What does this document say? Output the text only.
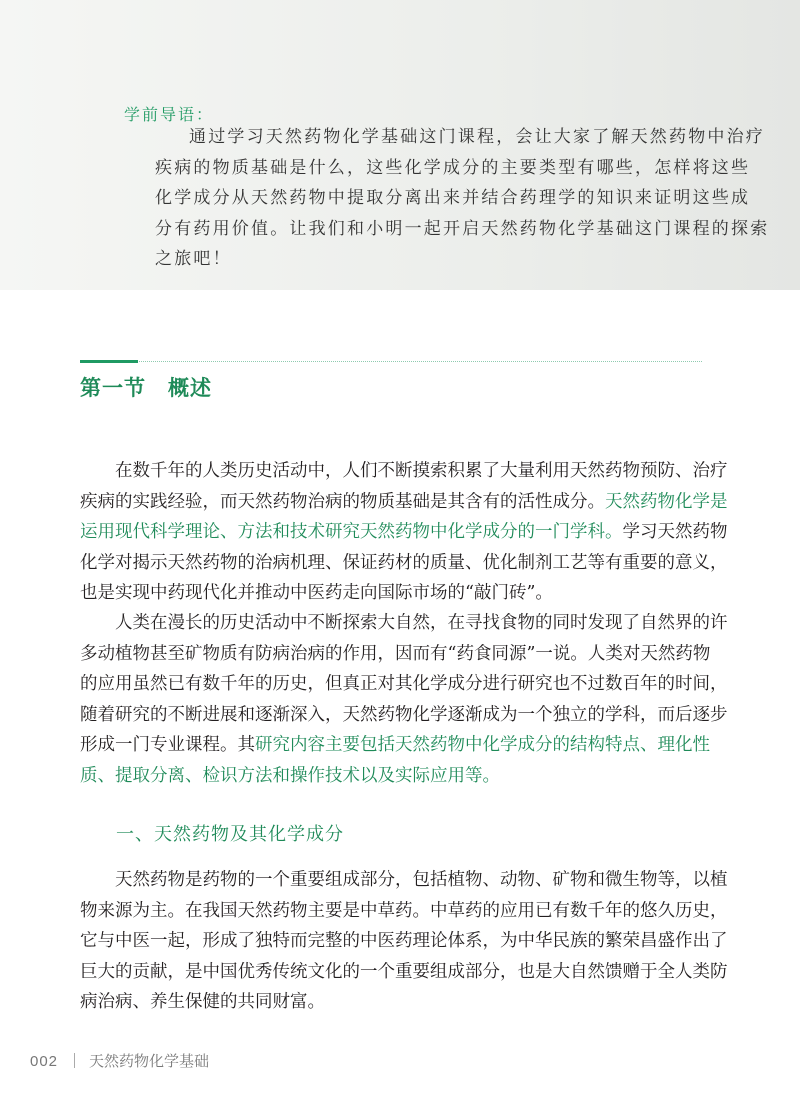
学前导语：
通过学习天然药物化学基础这门课程，会让大家了解天然药物中治疗
疾病的物质基础是什么，这些化学成分的主要类型有哪些，怎样将这些
化学成分从天然药物中提取分离出来并结合药理学的知识来证明这些成
分有药用价值。让我们和小明一起开启天然药物化学基础这门课程的探索
之旅吧！
第一节 概述
在数千年的人类历史活动中，人们不断摸索积累了大量利用天然药物预防、治疗
疾病的实践经验，而天然药物治病的物质基础是其含有的活性成分。天然药物化学是
运用现代科学理论、方法和技术研究天然药物中化学成分的一门学科。学习天然药物
化学对揭示天然药物的治病机理、保证药材的质量、优化制剂工艺等有重要的意义，
也是实现中药现代化并推动中医药走向国际市场的“敲门砖”。
人类在漫长的历史活动中不断探索大自然，在寻找食物的同时发现了自然界的许
多动植物甚至矿物质有防病治病的作用，因而有“药食同源”一说。人类对天然药物
的应用虽然已有数千年的历史，但真正对其化学成分进行研究也不过数百年的时间，
随着研究的不断进展和逐渐深入，天然药物化学逐渐成为一个独立的学科，而后逐步
形成一门专业课程。其研究内容主要包括天然药物中化学成分的结构特点、理化性
质、提取分离、检识方法和操作技术以及实际应用等。
一、天然药物及其化学成分
天然药物是药物的一个重要组成部分，包括植物、动物、矿物和微生物等，以植
物来源为主。在我国天然药物主要是中草药。中草药的应用已有数千年的悠久历史，
它与中医一起，形成了独特而完整的中医药理论体系，为中华民族的繁荣昌盛作出了
巨大的贡献，是中国优秀传统文化的一个重要组成部分，也是大自然馈赠于全人类防
病治病、养生保健的共同财富。
002 天然药物化学基础
